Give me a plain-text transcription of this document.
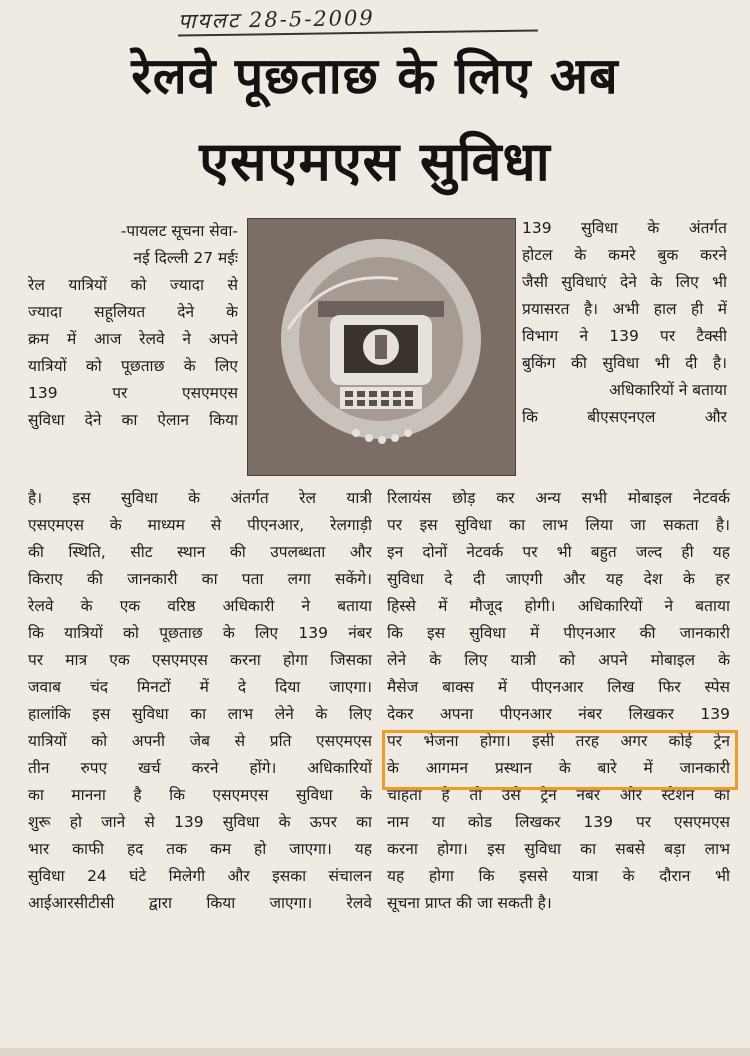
पायलट 28-5-2009
रेलवे पूछताछ के लिए अब
एसएमएस सुविधा
-पायलट सूचना सेवा-
नई दिल्ली 27 मईः
रेल यात्रियों को ज्यादा से
ज्यादा सहूलियत देने के
क्रम में आज रेलवे ने अपने
यात्रियों को पूछताछ के लिए
139 पर एसएमएस
सुविधा देने का ऐलान किया
139 सुविधा के अंतर्गत
होटल के कमरे बुक करने
जैसी सुविधाएं देने के लिए भी
प्रयासरत है। अभी हाल ही में
विभाग ने 139 पर टैक्सी
बुकिंग की सुविधा भी दी है।
अधिकारियों ने बताया
कि बीएसएनएल और
है। इस सुविधा के अंतर्गत रेल यात्री
एसएमएस के माध्यम से पीएनआर, रेलगाड़ी
की स्थिति, सीट स्थान की उपलब्धता और
किराए की जानकारी का पता लगा सकेंगे।
रेलवे के एक वरिष्ठ अधिकारी ने बताया
कि यात्रियों को पूछताछ के लिए 139 नंबर
पर मात्र एक एसएमएस करना होगा जिसका
जवाब चंद मिनटों में दे दिया जाएगा।
हालांकि इस सुविधा का लाभ लेने के लिए
यात्रियों को अपनी जेब से प्रति एसएमएस
तीन रुपए खर्च करने होंगे। अधिकारियों
का मानना है कि एसएमएस सुविधा के
शुरू हो जाने से 139 सुविधा के ऊपर का
भार काफी हद तक कम हो जाएगा। यह
सुविधा 24 घंटे मिलेगी और इसका संचालन
आईआरसीटीसी द्वारा किया जाएगा। रेलवे
रिलायंस छोड़ कर अन्य सभी मोबाइल नेटवर्क
पर इस सुविधा का लाभ लिया जा सकता है।
इन दोनों नेटवर्क पर भी बहुत जल्द ही यह
सुविधा दे दी जाएगी और यह देश के हर
हिस्से में मौजूद होगी। अधिकारियों ने बताया
कि इस सुविधा में पीएनआर की जानकारी
लेने के लिए यात्री को अपने मोबाइल के
मैसेज बाक्स में पीएनआर लिख फिर स्पेस
देकर अपना पीएनआर नंबर लिखकर 139
पर भेजना होगा। इसी तरह अगर कोई ट्रेन
के आगमन प्रस्थान के बारे में जानकारी
चाहता है तो उसे ट्रेन नंबर और स्टेशन का
नाम या कोड लिखकर 139 पर एसएमएस
करना होगा। इस सुविधा का सबसे बड़ा लाभ
यह होगा कि इससे यात्रा के दौरान भी
सूचना प्राप्त की जा सकती है।
